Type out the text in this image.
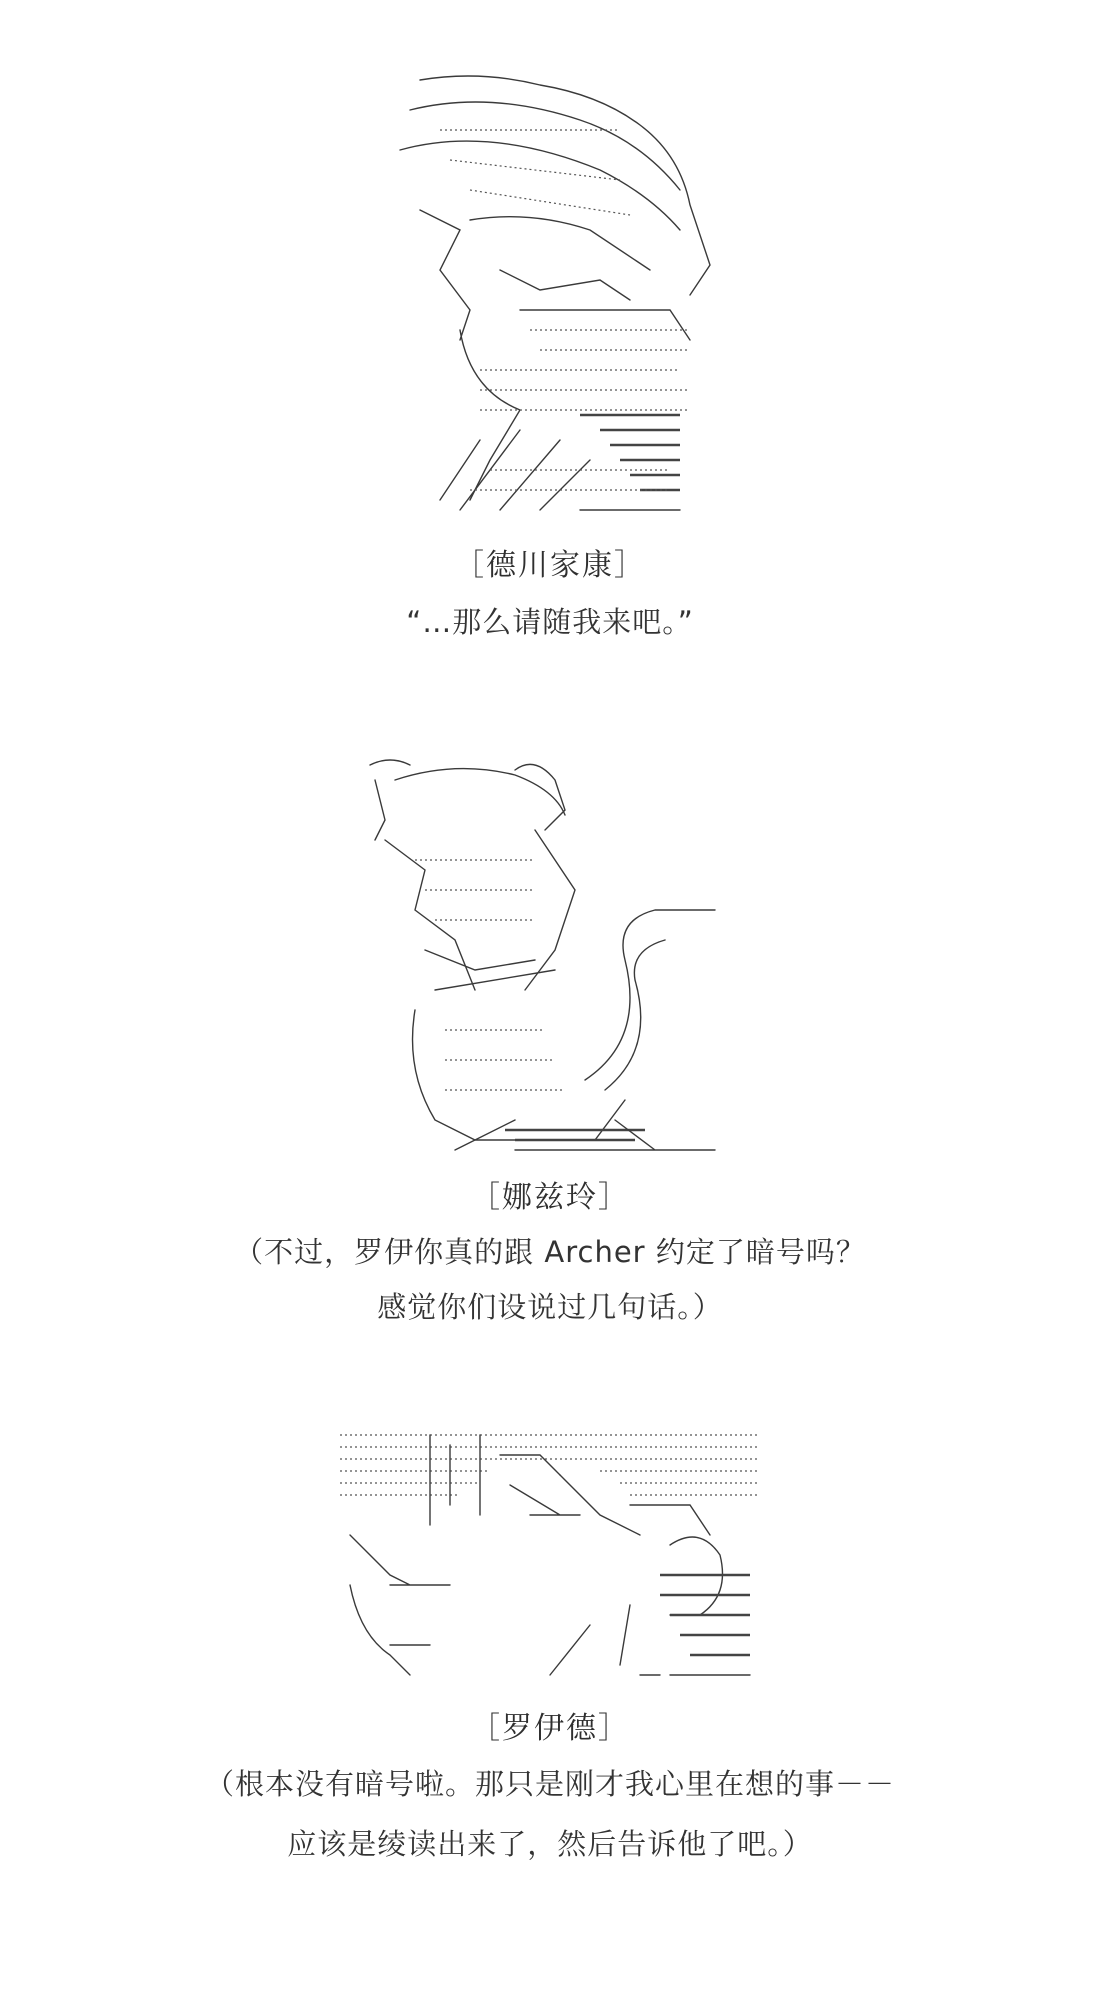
［德川家康］
“…那么请随我来吧。”
［娜兹玲］
（不过，罗伊你真的跟 Archer 约定了暗号吗？
感觉你们设说过几句话。）
［罗伊德］
（根本没有暗号啦。那只是刚才我心里在想的事－－
应该是绫读出来了，然后告诉他了吧。）
